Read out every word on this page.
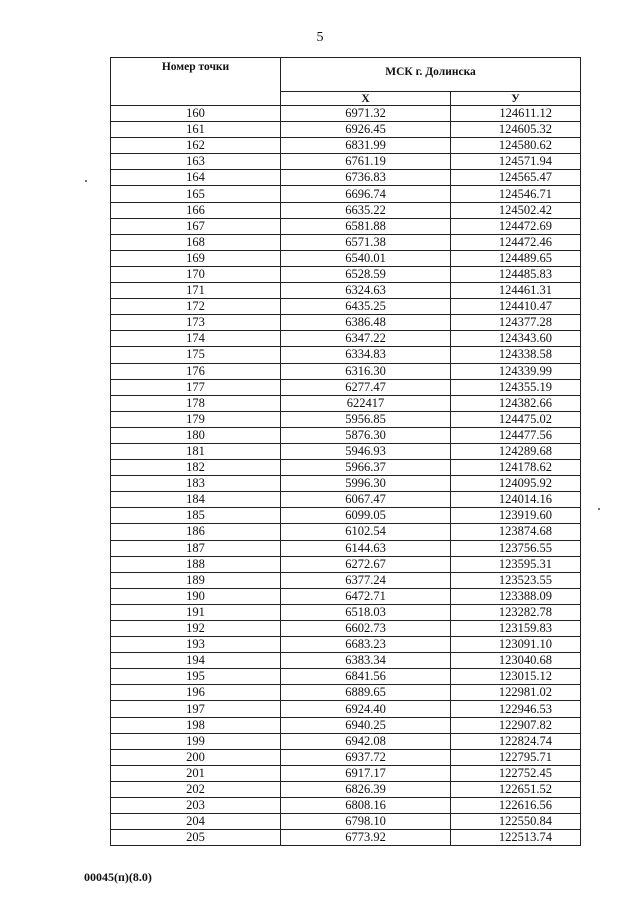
5
Номер точки	МСК г. Долинска	
	Х	У
160	6971.32	124611.12
161	6926.45	124605.32
162	6831.99	124580.62
163	6761.19	124571.94
164	6736.83	124565.47
165	6696.74	124546.71
166	6635.22	124502.42
167	6581.88	124472.69
168	6571.38	124472.46
169	6540.01	124489.65
170	6528.59	124485.83
171	6324.63	124461.31
172	6435.25	124410.47
173	6386.48	124377.28
174	6347.22	124343.60
175	6334.83	124338.58
176	6316.30	124339.99
177	6277.47	124355.19
178	622417	124382.66
179	5956.85	124475.02
180	5876.30	124477.56
181	5946.93	124289.68
182	5966.37	124178.62
183	5996.30	124095.92
184	6067.47	124014.16
185	6099.05	123919.60
186	6102.54	123874.68
187	6144.63	123756.55
188	6272.67	123595.31
189	6377.24	123523.55
190	6472.71	123388.09
191	6518.03	123282.78
192	6602.73	123159.83
193	6683.23	123091.10
194	6383.34	123040.68
195	6841.56	123015.12
196	6889.65	122981.02
197	6924.40	122946.53
198	6940.25	122907.82
199	6942.08	122824.74
200	6937.72	122795.71
201	6917.17	122752.45
202	6826.39	122651.52
203	6808.16	122616.56
204	6798.10	122550.84
205	6773.92	122513.74
00045(п)(8.0)
